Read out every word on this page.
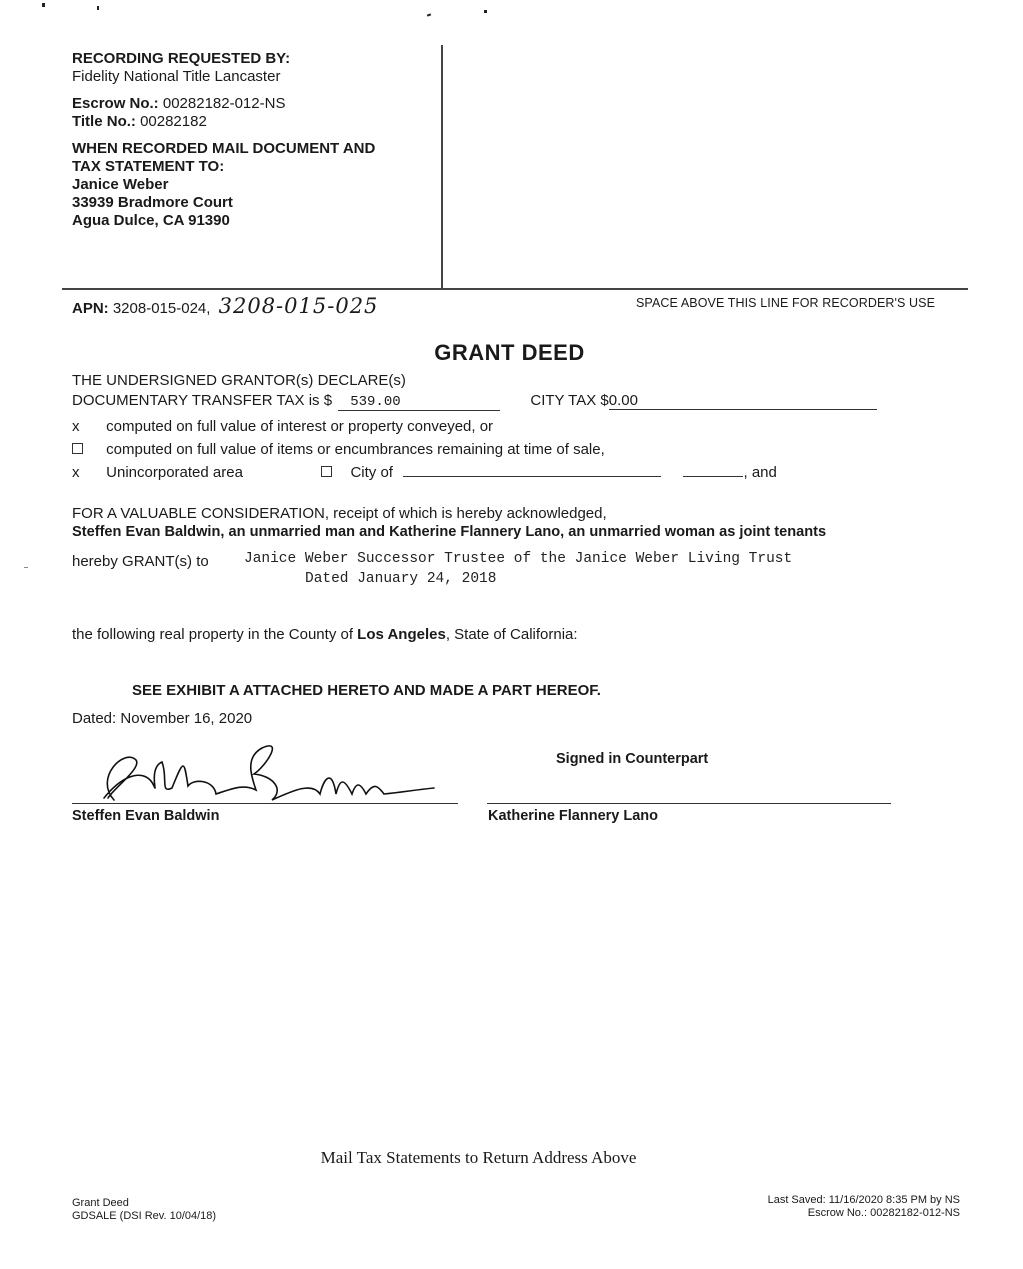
RECORDING REQUESTED BY:
Fidelity National Title Lancaster
Escrow No.: 00282182-012-NS
Title No.: 00282182
WHEN RECORDED MAIL DOCUMENT AND
TAX STATEMENT TO:
Janice Weber
33939 Bradmore Court
Agua Dulce, CA 91390
APN: 3208-015-024, 3208-015-025	SPACE ABOVE THIS LINE FOR RECORDER'S USE
GRANT DEED
THE UNDERSIGNED GRANTOR(s) DECLARE(s)
DOCUMENTARY TRANSFER TAX is $ 539.00	CITY TAX $0.00
x computed on full value of interest or property conveyed, or
computed on full value of items or encumbrances remaining at time of sale,
x Unincorporated area	City of	, and
FOR A VALUABLE CONSIDERATION, receipt of which is hereby acknowledged,
Steffen Evan Baldwin, an unmarried man and Katherine Flannery Lano, an unmarried woman as joint tenants
hereby GRANT(s) to Janice Weber Successor Trustee of the Janice Weber Living Trust
Dated January 24, 2018
the following real property in the County of Los Angeles, State of California:
SEE EXHIBIT A ATTACHED HERETO AND MADE A PART HEREOF.
Dated: November 16, 2020
Steffen Evan Baldwin
Signed in Counterpart
Katherine Flannery Lano
Mail Tax Statements to Return Address Above
Grant Deed
GDSALE (DSI Rev. 10/04/18)
Last Saved: 11/16/2020 8:35 PM by NS
Escrow No.: 00282182-012-NS
